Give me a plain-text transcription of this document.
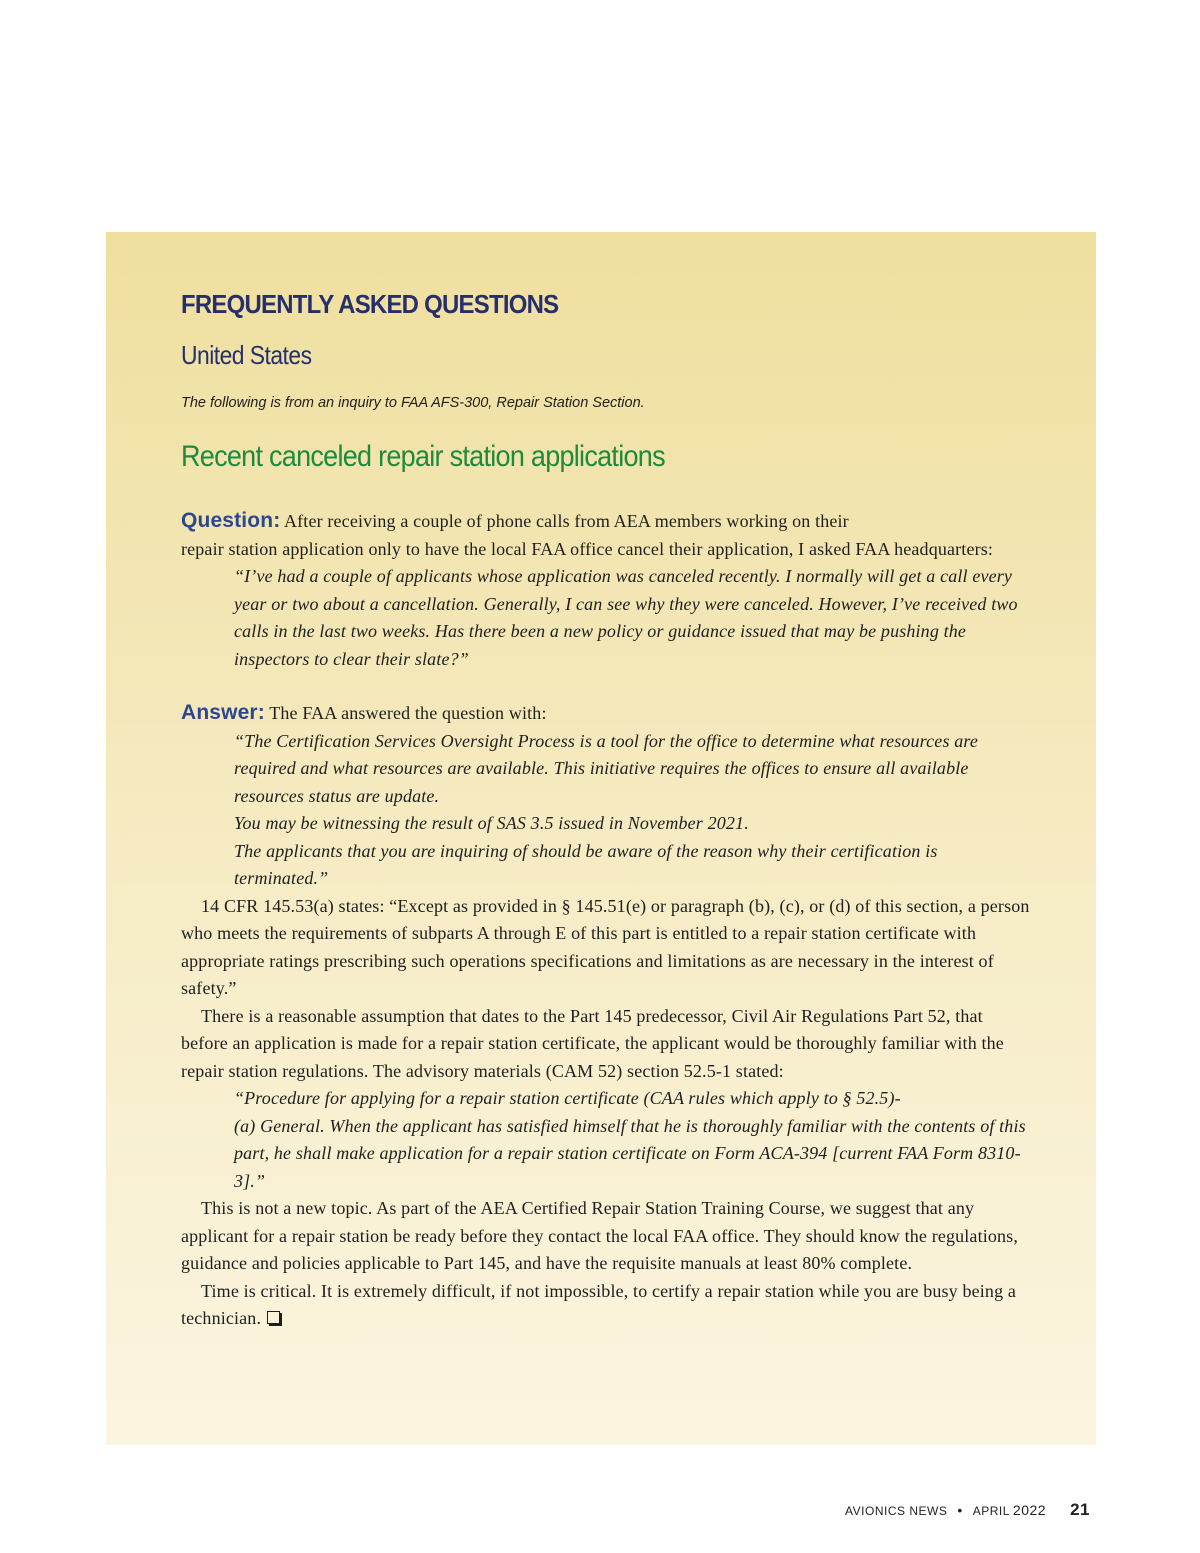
FREQUENTLY ASKED QUESTIONS
United States
The following is from an inquiry to FAA AFS-300, Repair Station Section.
Recent canceled repair station applications

Question: After receiving a couple of phone calls from AEA members working on their
repair station application only to have the local FAA office cancel their application, I asked FAA headquarters:

“I’ve had a couple of applicants whose application was canceled recently. I normally will get a call every year or two about a cancellation. Generally, I can see why they were canceled. However, I’ve received two calls in the last two weeks. Has there been a new policy or guidance issued that may be pushing the inspectors to clear their slate?”

Answer: The FAA answered the question with:

“The Certification Services Oversight Process is a tool for the office to determine what resources are required and what resources are available. This initiative requires the offices to ensure all available resources status are update.

You may be witnessing the result of SAS 3.5 issued in November 2021.

The applicants that you are inquiring of should be aware of the reason why their certification is terminated.”

14 CFR 145.53(a) states: “Except as provided in § 145.51(e) or paragraph (b), (c), or (d) of this section, a person who meets the requirements of subparts A through E of this part is entitled to a repair station certificate with appropriate ratings prescribing such operations specifications and limitations as are necessary in the interest of safety.”

There is a reasonable assumption that dates to the Part 145 predecessor, Civil Air Regulations Part 52, that before an application is made for a repair station certificate, the applicant would be thoroughly familiar with the repair station regulations. The advisory materials (CAM 52) section 52.5-1 stated:

“Procedure for applying for a repair station certificate (CAA rules which apply to § 52.5)-

(a) General. When the applicant has satisfied himself that he is thoroughly familiar with the contents of this part, he shall make application for a repair station certificate on Form ACA-394 [current FAA Form 8310-3].”

This is not a new topic. As part of the AEA Certified Repair Station Training Course, we suggest that any applicant for a repair station be ready before they contact the local FAA office. They should know the regulations, guidance and policies applicable to Part 145, and have the requisite manuals at least 80% complete.

Time is critical. It is extremely difficult, if not impossible, to certify a repair station while you are busy being a technician.

AVIONICS NEWS • APRIL 2022 21
